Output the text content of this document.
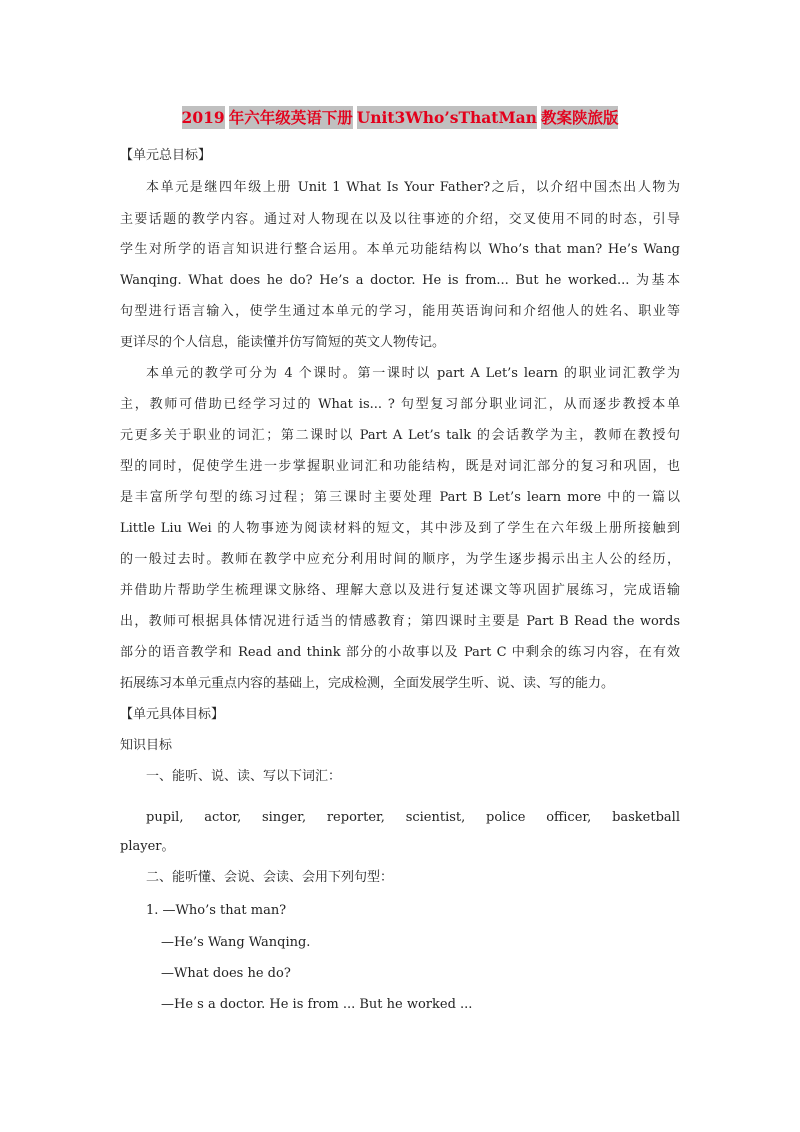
2019 年六年级英语下册 Unit3Who’sThatMan 教案陕旅版
【单元总目标】
本单元是继四年级上册 Unit 1 What Is Your Father?之后，以介绍中国杰出人物为
主要话题的教学内容。通过对人物现在以及以往事迹的介绍，交叉使用不同的时态，引导
学生对所学的语言知识进行整合运用。本单元功能结构以 Who’s that man? He’s Wang
Wanqing. What does he do? He’s a doctor. He is from... But he worked... 为基本
句型进行语言输入，使学生通过本单元的学习，能用英语询问和介绍他人的姓名、职业等
更详尽的个人信息，能读懂并仿写简短的英文人物传记。
本单元的教学可分为 4 个课时。第一课时以 part A Let’s learn 的职业词汇教学为
主，教师可借助已经学习过的 What is... ? 句型复习部分职业词汇，从而逐步教授本单
元更多关于职业的词汇；第二课时以 Part A Let’s talk 的会话教学为主，教师在教授句
型的同时，促使学生进一步掌握职业词汇和功能结构，既是对词汇部分的复习和巩固，也
是丰富所学句型的练习过程；第三课时主要处理 Part B Let’s learn more 中的一篇以
Little Liu Wei 的人物事迹为阅读材料的短文，其中涉及到了学生在六年级上册所接触到
的一般过去时。教师在教学中应充分利用时间的顺序，为学生逐步揭示出主人公的经历，
并借助片帮助学生梳理课文脉络、理解大意以及进行复述课文等巩固扩展练习，完成语输
出，教师可根据具体情况进行适当的情感教育；第四课时主要是 Part B Read the words
部分的语音教学和 Read and think 部分的小故事以及 Part C 中剩余的练习内容，在有效
拓展练习本单元重点内容的基础上，完成检测，全面发展学生听、说、读、写的能力。
【单元具体目标】
知识目标
一、能听、说、读、写以下词汇：
pupil, actor, singer, reporter, scientist, police officer, basketball
player。
二、能听懂、会说、会读、会用下列句型：
1. —Who’s that man?
—He’s Wang Wanqing.
—What does he do?
—He s a doctor. He is from ... But he worked ...
